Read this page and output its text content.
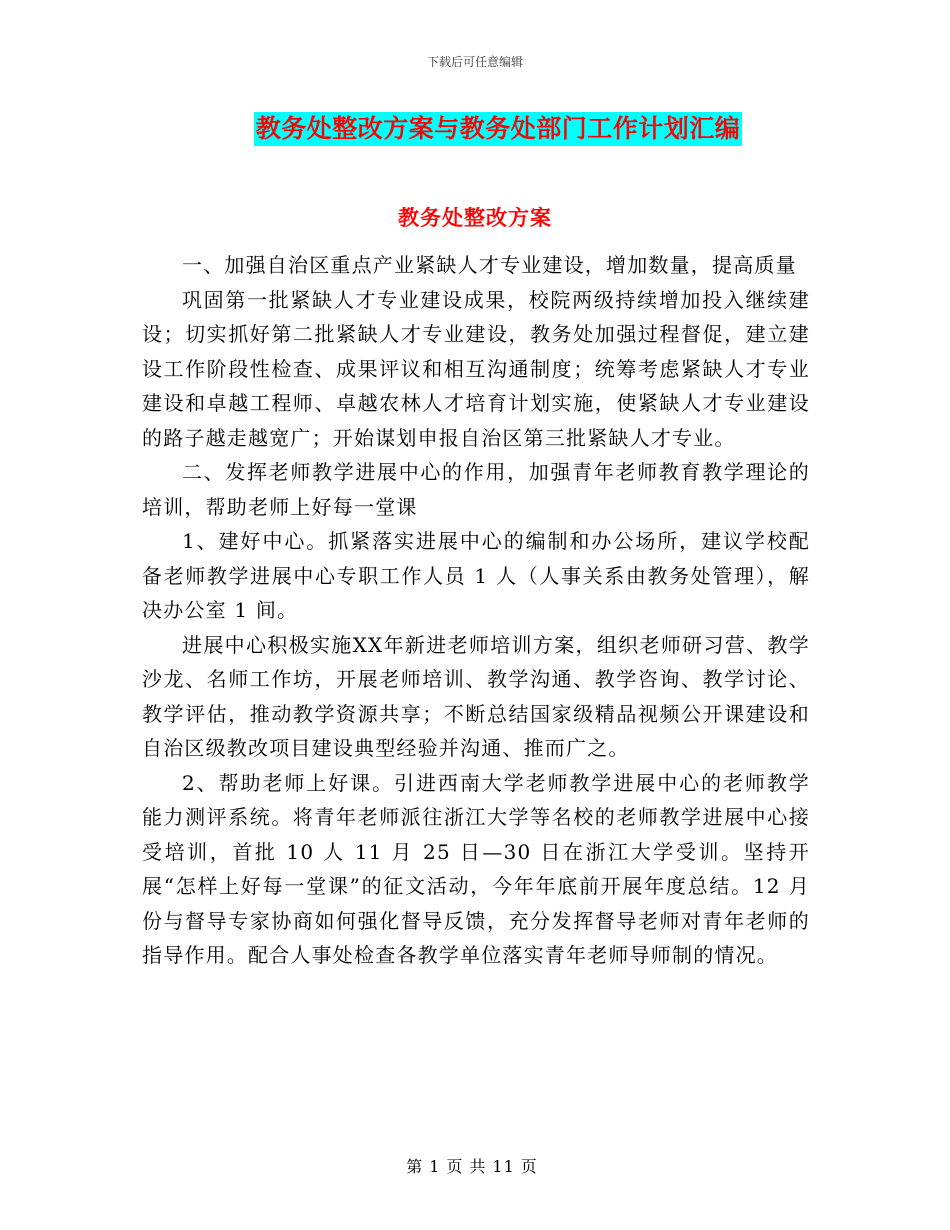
下载后可任意编辑
教务处整改方案与教务处部门工作计划汇编
教务处整改方案

一、加强自治区重点产业紧缺人才专业建设，增加数量，提高质量

巩固第一批紧缺人才专业建设成果，校院两级持续增加投入继续建设；切实抓好第二批紧缺人才专业建设，教务处加强过程督促，建立建设工作阶段性检查、成果评议和相互沟通制度；统筹考虑紧缺人才专业建设和卓越工程师、卓越农林人才培育计划实施，使紧缺人才专业建设的路子越走越宽广；开始谋划申报自治区第三批紧缺人才专业。

二、发挥老师教学进展中心的作用，加强青年老师教育教学理论的培训，帮助老师上好每一堂课

1、建好中心。抓紧落实进展中心的编制和办公场所，建议学校配备老师教学进展中心专职工作人员 1 人（人事关系由教务处管理），解决办公室 1 间。

进展中心积极实施XX年新进老师培训方案，组织老师研习营、教学沙龙、名师工作坊，开展老师培训、教学沟通、教学咨询、教学讨论、教学评估，推动教学资源共享；不断总结国家级精品视频公开课建设和自治区级教改项目建设典型经验并沟通、推而广之。

2、帮助老师上好课。引进西南大学老师教学进展中心的老师教学能力测评系统。将青年老师派往浙江大学等名校的老师教学进展中心接受培训，首批 10 人 11 月 25 日—30 日在浙江大学受训。坚持开展“怎样上好每一堂课”的征文活动，今年年底前开展年度总结。12 月份与督导专家协商如何强化督导反馈，充分发挥督导老师对青年老师的指导作用。配合人事处检查各教学单位落实青年老师导师制的情况。

第 1 页 共 11 页
